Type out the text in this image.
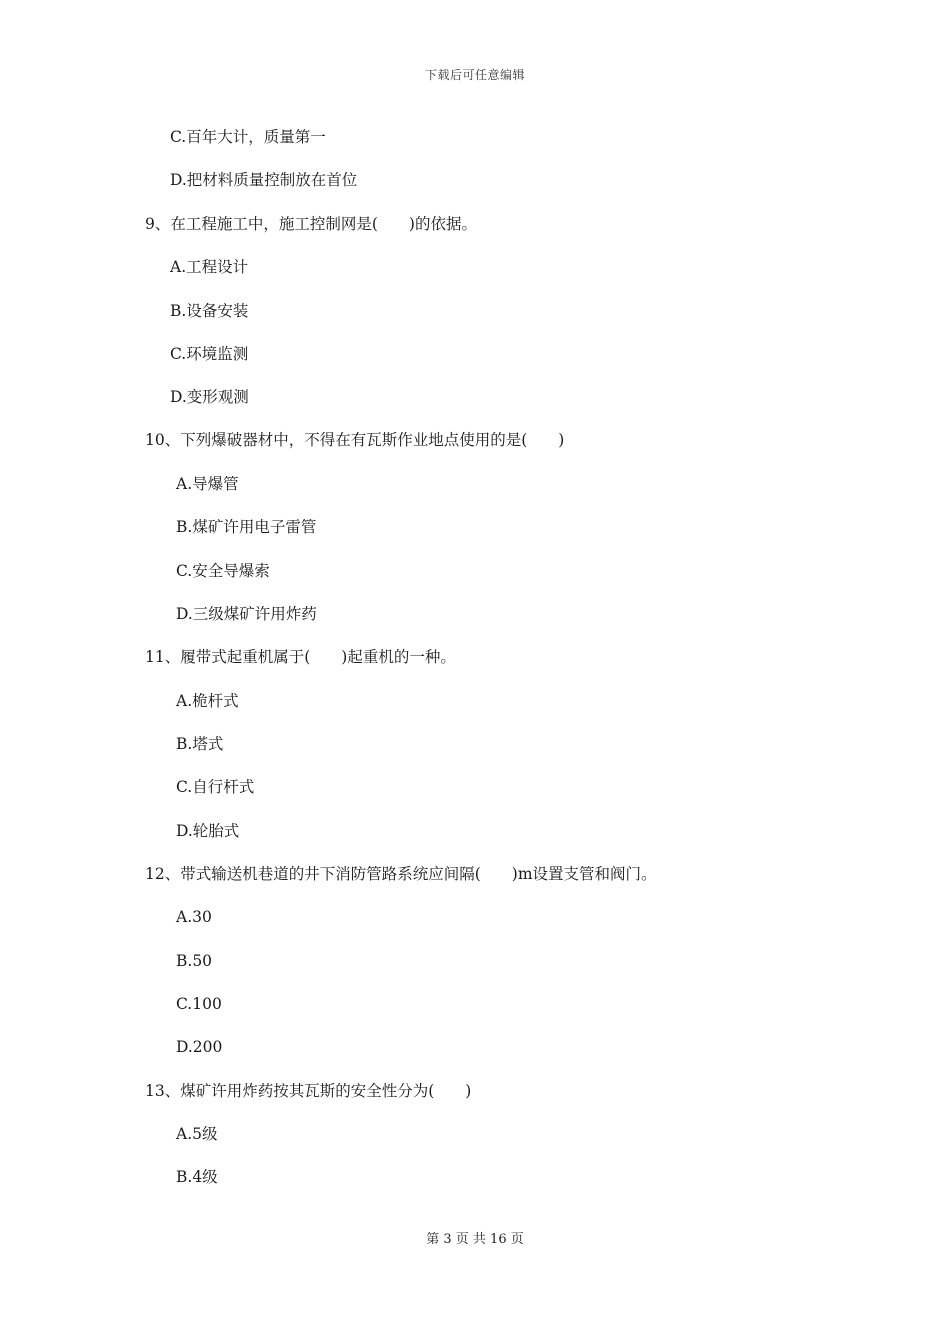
下载后可任意编辑
C.百年大计，质量第一
D.把材料质量控制放在首位
9、在工程施工中，施工控制网是(　　)的依据。
A.工程设计
B.设备安装
C.环境监测
D.变形观测
10、下列爆破器材中，不得在有瓦斯作业地点使用的是(　　)
A.导爆管
B.煤矿许用电子雷管
C.安全导爆索
D.三级煤矿许用炸药
11、履带式起重机属于(　　)起重机的一种。
A.桅杆式
B.塔式
C.自行杆式
D.轮胎式
12、带式输送机巷道的井下消防管路系统应间隔(　　)m设置支管和阀门。
A.30
B.50
C.100
D.200
13、煤矿许用炸药按其瓦斯的安全性分为(　　)
A.5级
B.4级
第 3 页 共 16 页
